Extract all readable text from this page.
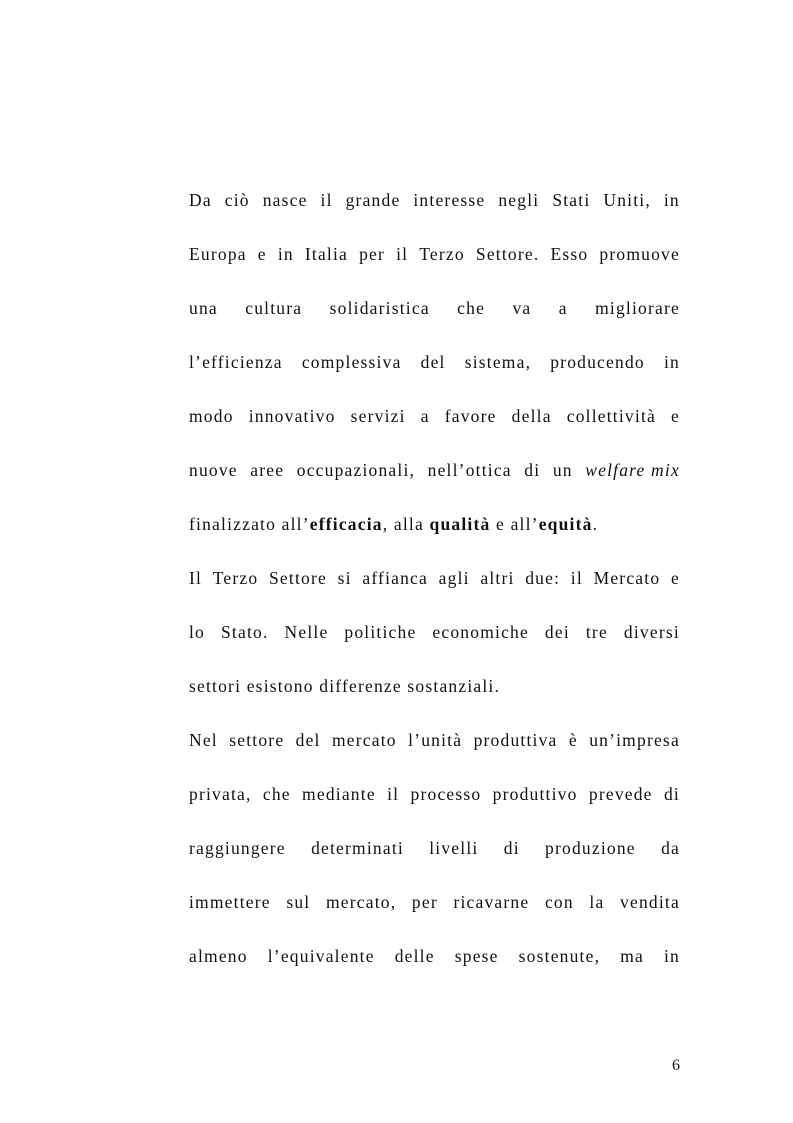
Da ciò nasce il grande interesse negli Stati Uniti, in
Europa e in Italia per il Terzo Settore. Esso promuove
una cultura solidaristica che va a migliorare
l’efficienza complessiva del sistema, producendo in
modo innovativo servizi a favore della collettività e
nuove aree occupazionali, nell’ottica di un welfare mix
finalizzato all’efficacia, alla qualità e all’equità.
Il Terzo Settore si affianca agli altri due: il Mercato e
lo Stato. Nelle politiche economiche dei tre diversi
settori esistono differenze sostanziali.
Nel settore del mercato l’unità produttiva è un’impresa
privata, che mediante il processo produttivo prevede di
raggiungere determinati livelli di produzione da
immettere sul mercato, per ricavarne con la vendita
almeno l’equivalente delle spese sostenute, ma in
6
